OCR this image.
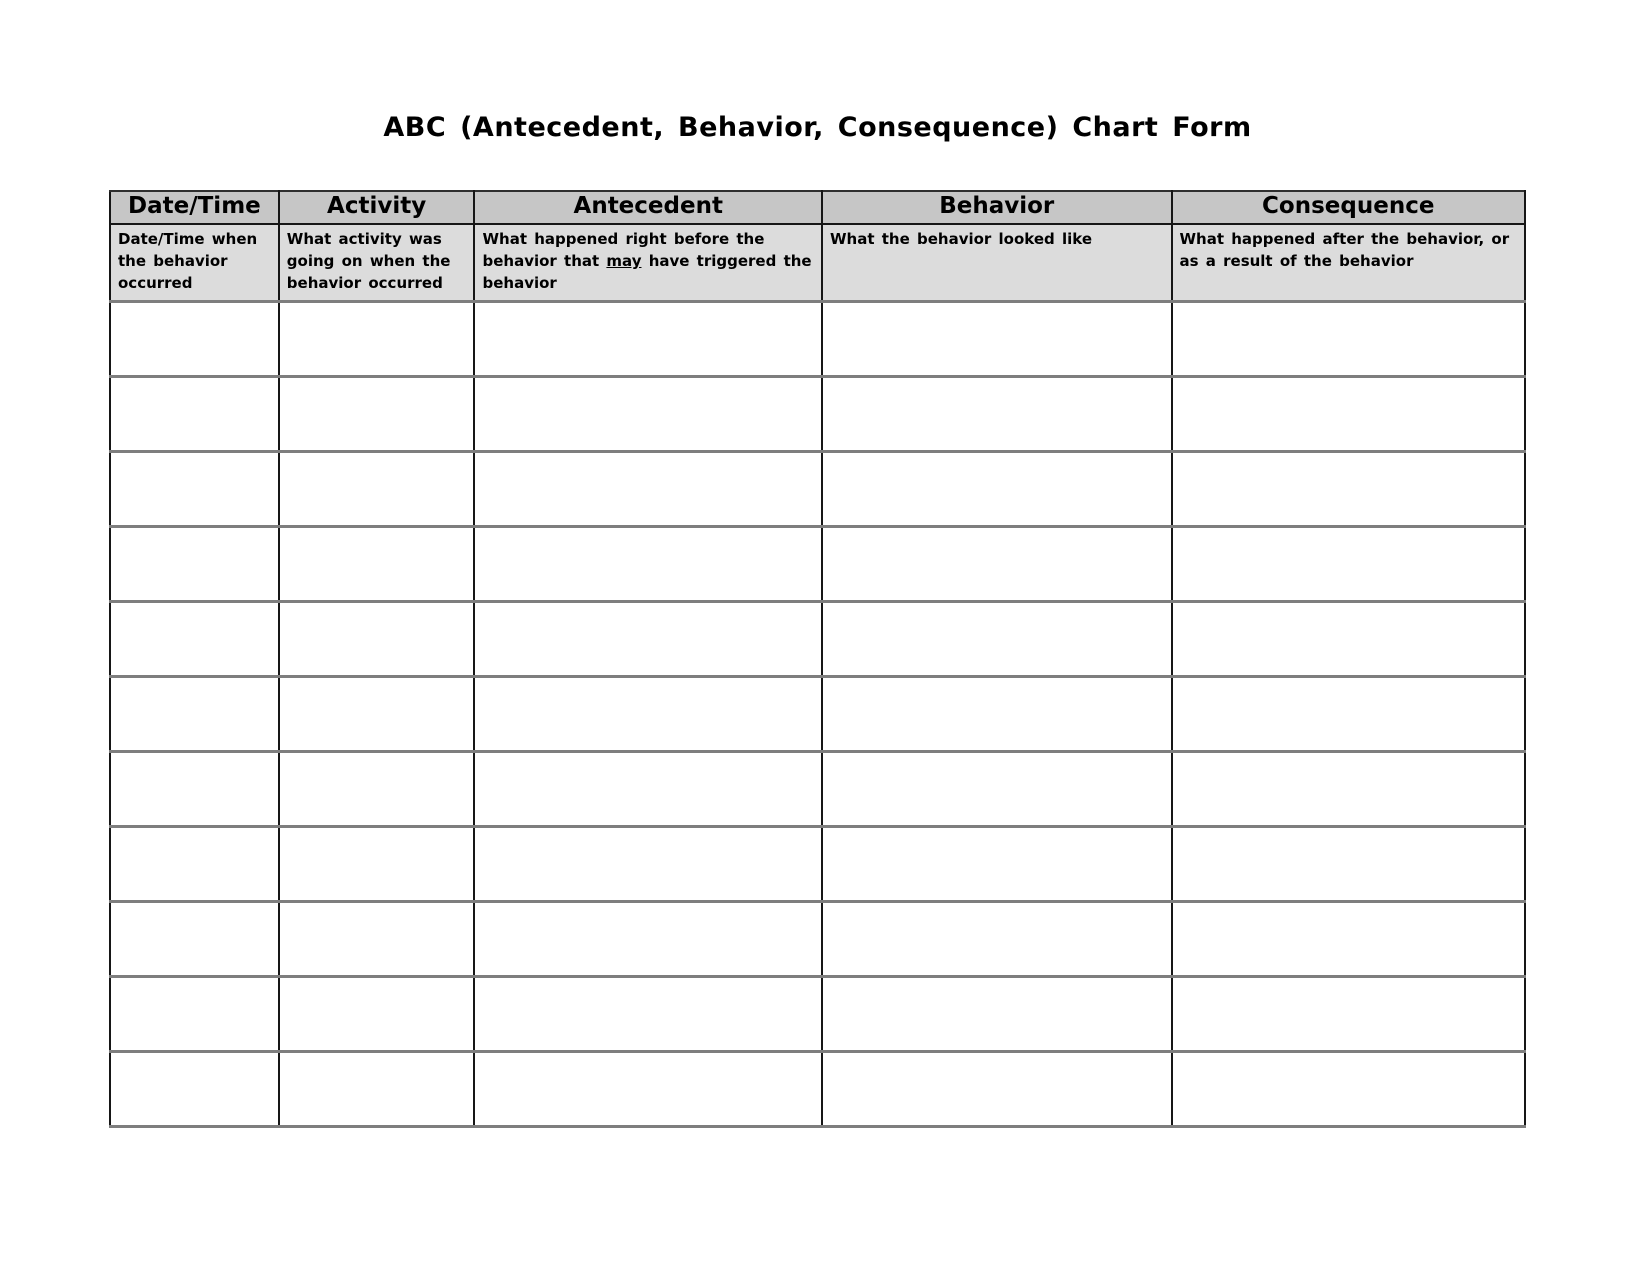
ABC (Antecedent, Behavior, Consequence) Chart Form
Date/Time	Activity	Antecedent	Behavior	Consequence
Date/Time when the behavior occurred	What activity was going on when the behavior occurred	What happened right before the behavior that may have triggered the behavior	What the behavior looked like	What happened after the behavior, or as a result of the behavior
